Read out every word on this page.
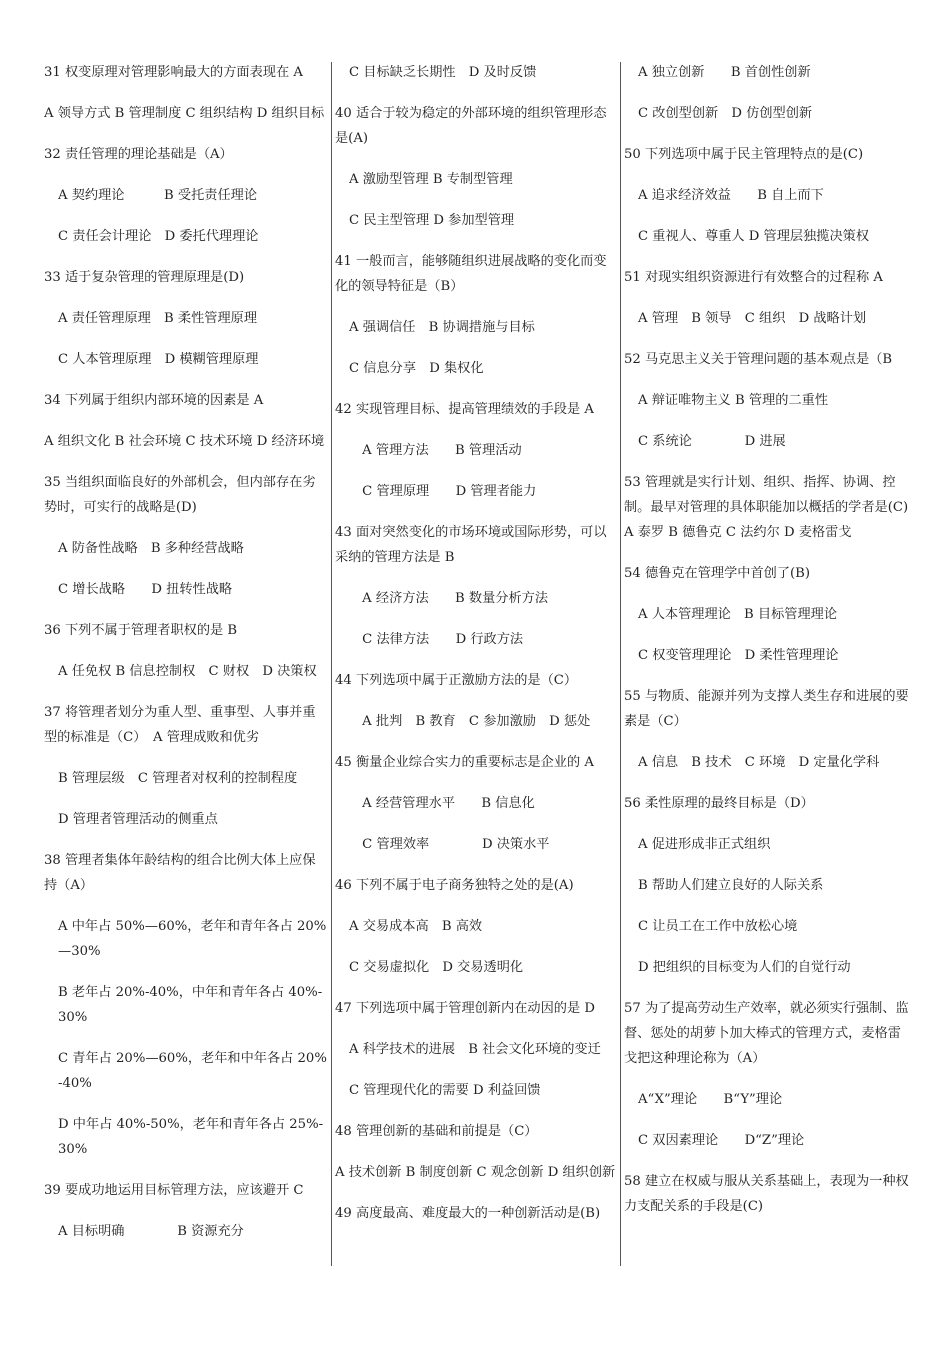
31 权变原理对管理影响最大的方面表现在 A

A 领导方式 B 管理制度 C 组织结构 D 组织目标

32 责任管理的理论基础是（A）

A 契约理论　　　B 受托责任理论

C 责任会计理论　D 委托代理理论

33 适于复杂管理的管理原理是(D)

A 责任管理原理　B 柔性管理原理

C 人本管理原理　D 模糊管理原理

34 下列属于组织内部环境的因素是 A

A 组织文化 B 社会环境 C 技术环境 D 经济环境

35 当组织面临良好的外部机会，但内部存在劣势时，可实行的战略是(D)

A 防备性战略　B 多种经营战略

C 增长战略　　D 扭转性战略

36 下列不属于管理者职权的是 B

A 任免权 B 信息控制权　C 财权　D 决策权

37 将管理者划分为重人型、重事型、人事并重型的标准是（C）　A 管理成败和优劣

B 管理层级　C 管理者对权利的控制程度

D 管理者管理活动的侧重点

38 管理者集体年龄结构的组合比例大体上应保持（A）

A 中年占 50%—60%，老年和青年各占 20%—30%

B 老年占 20%-40%，中年和青年各占 40%-30%

C 青年占 20%—60%，老年和中年各占 20%-40%

D 中年占 40%-50%，老年和青年各占 25%-30%

39 要成功地运用目标管理方法，应该避开 C

A 目标明确　　　　B 资源充分

C 目标缺乏长期性　D 及时反馈

40 适合于较为稳定的外部环境的组织管理形态是(A)

A 激励型管理 B 专制型管理

C 民主型管理 D 参加型管理

41 一般而言，能够随组织进展战略的变化而变化的领导特征是（B）

A 强调信任　B 协调措施与目标

C 信息分享　D 集权化

42 实现管理目标、提高管理绩效的手段是 A

　A 管理方法　　B 管理活动

　C 管理原理　　D 管理者能力

43 面对突然变化的市场环境或国际形势，可以采纳的管理方法是 B

　A 经济方法　　B 数量分析方法

　C 法律方法　　D 行政方法

44 下列选项中属于正激励方法的是（C）

　A 批判　B 教育　C 参加激励　D 惩处

45 衡量企业综合实力的重要标志是企业的 A

　A 经营管理水平　　B 信息化

　C 管理效率　　　　D 决策水平

46 下列不属于电子商务独特之处的是(A)

A 交易成本高　B 高效

C 交易虚拟化　D 交易透明化

47 下列选项中属于管理创新内在动因的是 D

A 科学技术的进展　B 社会文化环境的变迁

C 管理现代化的需要 D 利益回馈

48 管理创新的基础和前提是（C）

A 技术创新 B 制度创新 C 观念创新 D 组织创新

49 高度最高、难度最大的一种创新活动是(B)

A 独立创新　　B 首创性创新

C 改创型创新　D 仿创型创新

50 下列选项中属于民主管理特点的是(C)

A 追求经济效益　　B 自上而下

C 重视人、尊重人 D 管理层独揽决策权

51 对现实组织资源进行有效整合的过程称 A

A 管理　B 领导　C 组织　D 战略计划

52 马克思主义关于管理问题的基本观点是（B

A 辩证唯物主义 B 管理的二重性

C 系统论　　　　D 进展

53 管理就是实行计划、组织、指挥、协调、控制。最早对管理的具体职能加以概括的学者是(C) A 泰罗 B 德鲁克 C 法约尔 D 麦格雷戈

54 德鲁克在管理学中首创了(B)

A 人本管理理论　B 目标管理理论

C 权变管理理论　D 柔性管理理论

55 与物质、能源并列为支撑人类生存和进展的要素是（C）

A 信息　B 技术　C 环境　D 定量化学科

56 柔性原理的最终目标是（D）

A 促进形成非正式组织

B 帮助人们建立良好的人际关系

C 让员工在工作中放松心境

D 把组织的目标变为人们的自觉行动

57 为了提高劳动生产效率，就必须实行强制、监督、惩处的胡萝卜加大棒式的管理方式，麦格雷戈把这种理论称为（A）

A“X”理论　　B“Y”理论

C 双因素理论　　D“Z”理论

58 建立在权威与服从关系基础上，表现为一种权力支配关系的手段是(C)
